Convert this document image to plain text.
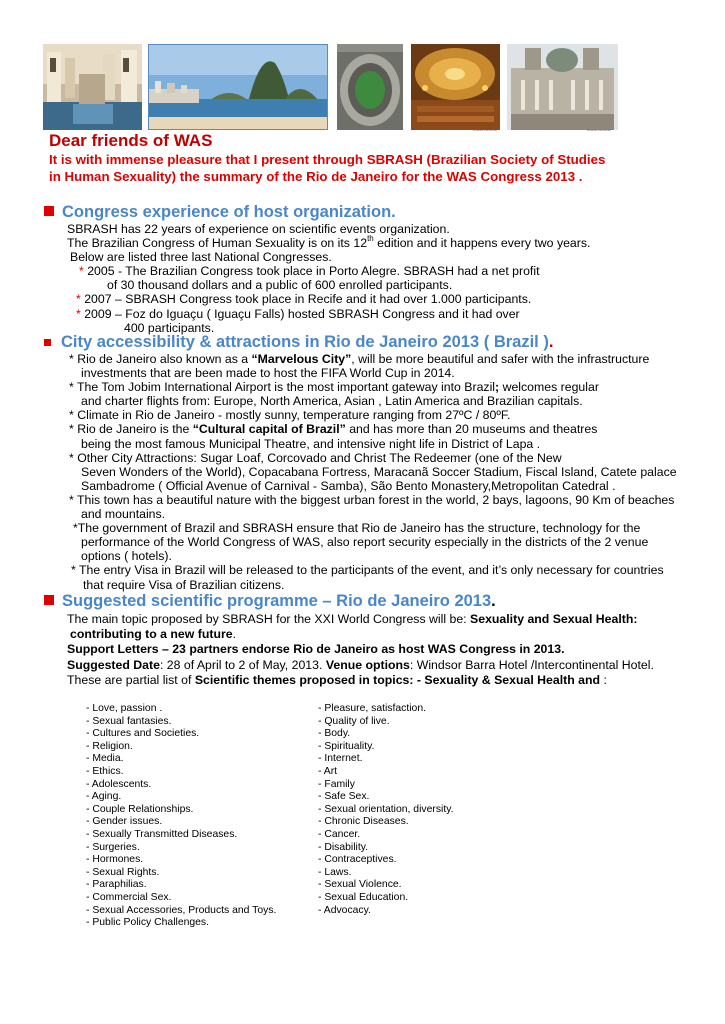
Ricardo Zerrenner	Ricardo Zerrenner
Dear friends of WAS
It is with immense pleasure that I present through SBRASH (Brazilian Society of Studies
in Human Sexuality) the summary of the Rio de Janeiro for the WAS Congress 2013 .
Congress experience of host organization.
SBRASH has 22 years of experience on scientific events organization.
The Brazilian Congress of Human Sexuality is on its 12th edition and it happens every two years.
Below are listed three last National Congresses.
* 2005 - The Brazilian Congress took place in Porto Alegre. SBRASH had a net profit
of 30 thousand dollars and a public of 600 enrolled participants.
* 2007 – SBRASH Congress took place in Recife and it had over 1.000 participants.
* 2009 – Foz do Iguaçu ( Iguaçu Falls) hosted SBRASH Congress and it had over
400 participants.
City accessibility & attractions in Rio de Janeiro 2013 ( Brazil ).
* Rio de Janeiro also known as a “Marvelous City”, will be more beautiful and safer with the infrastructure
investments that are been made to host the FIFA World Cup in 2014.
* The Tom Jobim International Airport is the most important gateway into Brazil; welcomes regular
and charter flights from: Europe, North America, Asian , Latin America and Brazilian capitals.
* Climate in Rio de Janeiro - mostly sunny, temperature ranging from 27ºC / 80ºF.
* Rio de Janeiro is the “Cultural capital of Brazil” and has more than 20 museums and theatres
being the most famous Municipal Theatre, and intensive night life in District of Lapa .
* Other City Attractions: Sugar Loaf, Corcovado and Christ The Redeemer (one of the New
Seven Wonders of the World), Copacabana Fortress, Maracanã Soccer Stadium, Fiscal Island, Catete palace
Sambadrome ( Official Avenue of Carnival - Samba), São Bento Monastery,Metropolitan Catedral .
* This town has a beautiful nature with the biggest urban forest in the world, 2 bays, lagoons, 90 Km of beaches
and mountains.
*The government of Brazil and SBRASH ensure that Rio de Janeiro has the structure, technology for the
performance of the World Congress of WAS, also report security especially in the districts of the 2 venue
options ( hotels).
* The entry Visa in Brazil will be released to the participants of the event, and it’s only necessary for countries
that require Visa of Brazilian citizens.
Suggested scientific programme – Rio de Janeiro 2013.
The main topic proposed by SBRASH for the XXI World Congress will be: Sexuality and Sexual Health:
contributing to a new future.
Support Letters – 23 partners endorse Rio de Janeiro as host WAS Congress in 2013.
Suggested Date: 28 of April to 2 of May, 2013. Venue options: Windsor Barra Hotel /Intercontinental Hotel.
These are partial list of Scientific themes proposed in topics: - Sexuality & Sexual Health and :
- Love, passion .
- Sexual fantasies.
- Cultures and Societies.
- Religion.
- Media.
- Ethics.
- Adolescents.
- Aging.
- Couple Relationships.
- Gender issues.
- Sexually Transmitted Diseases.
- Surgeries.
- Hormones.
- Sexual Rights.
- Paraphilias.
- Commercial Sex.
- Sexual Accessories, Products and Toys.
- Public Policy Challenges.
- Pleasure, satisfaction.
- Quality of live.
- Body.
- Spirituality.
- Internet.
- Art
- Family
- Safe Sex.
- Sexual orientation, diversity.
- Chronic Diseases.
- Cancer.
- Disability.
- Contraceptives.
- Laws.
- Sexual Violence.
- Sexual Education.
- Advocacy.
